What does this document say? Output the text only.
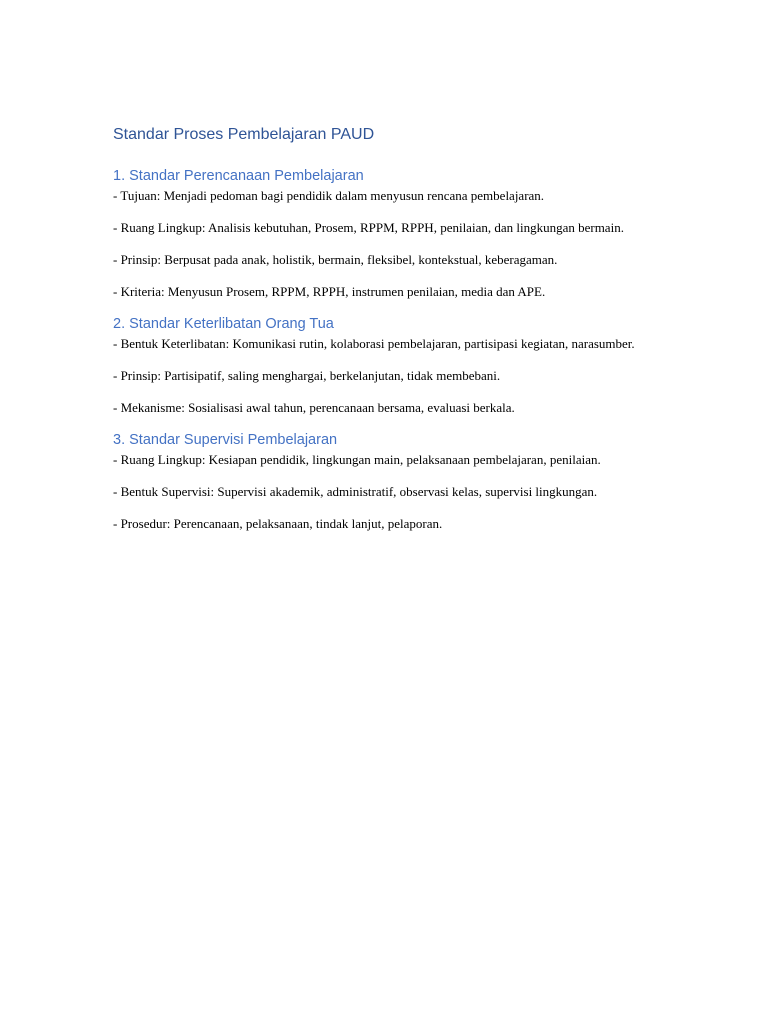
Standar Proses Pembelajaran PAUD
1. Standar Perencanaan Pembelajaran

- Tujuan: Menjadi pedoman bagi pendidik dalam menyusun rencana pembelajaran.

- Ruang Lingkup: Analisis kebutuhan, Prosem, RPPM, RPPH, penilaian, dan lingkungan bermain.

- Prinsip: Berpusat pada anak, holistik, bermain, fleksibel, kontekstual, keberagaman.

- Kriteria: Menyusun Prosem, RPPM, RPPH, instrumen penilaian, media dan APE.

2. Standar Keterlibatan Orang Tua

- Bentuk Keterlibatan: Komunikasi rutin, kolaborasi pembelajaran, partisipasi kegiatan, narasumber.

- Prinsip: Partisipatif, saling menghargai, berkelanjutan, tidak membebani.

- Mekanisme: Sosialisasi awal tahun, perencanaan bersama, evaluasi berkala.

3. Standar Supervisi Pembelajaran

- Ruang Lingkup: Kesiapan pendidik, lingkungan main, pelaksanaan pembelajaran, penilaian.

- Bentuk Supervisi: Supervisi akademik, administratif, observasi kelas, supervisi lingkungan.

- Prosedur: Perencanaan, pelaksanaan, tindak lanjut, pelaporan.
